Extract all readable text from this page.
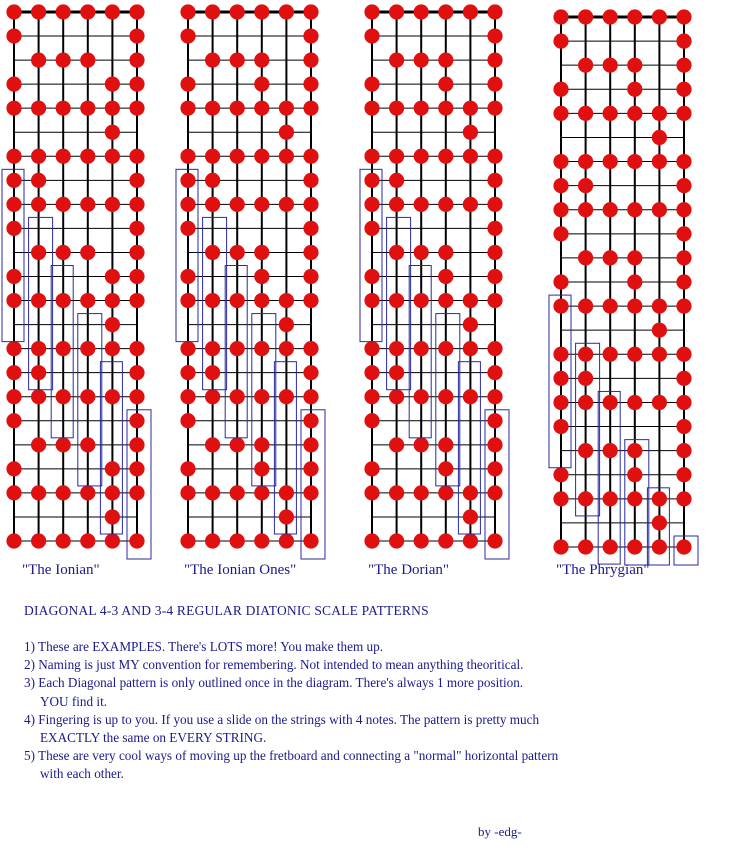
"The Ionian"	"The Ionian Ones"	"The Dorian"	"The Phrygian"
DIAGONAL 4-3 AND 3-4 REGULAR DIATONIC SCALE PATTERNS
1) These are EXAMPLES. There's LOTS more! You make them up.
2) Naming is just MY convention for remembering. Not intended to mean anything theoritical.
3) Each Diagonal pattern is only outlined once in the diagram. There's always 1 more position.
YOU find it.
4) Fingering is up to you. If you use a slide on the strings with 4 notes. The pattern is pretty much
EXACTLY the same on EVERY STRING.
5) These are very cool ways of moving up the fretboard and connecting a "normal" horizontal pattern
with each other.
by -edg-
